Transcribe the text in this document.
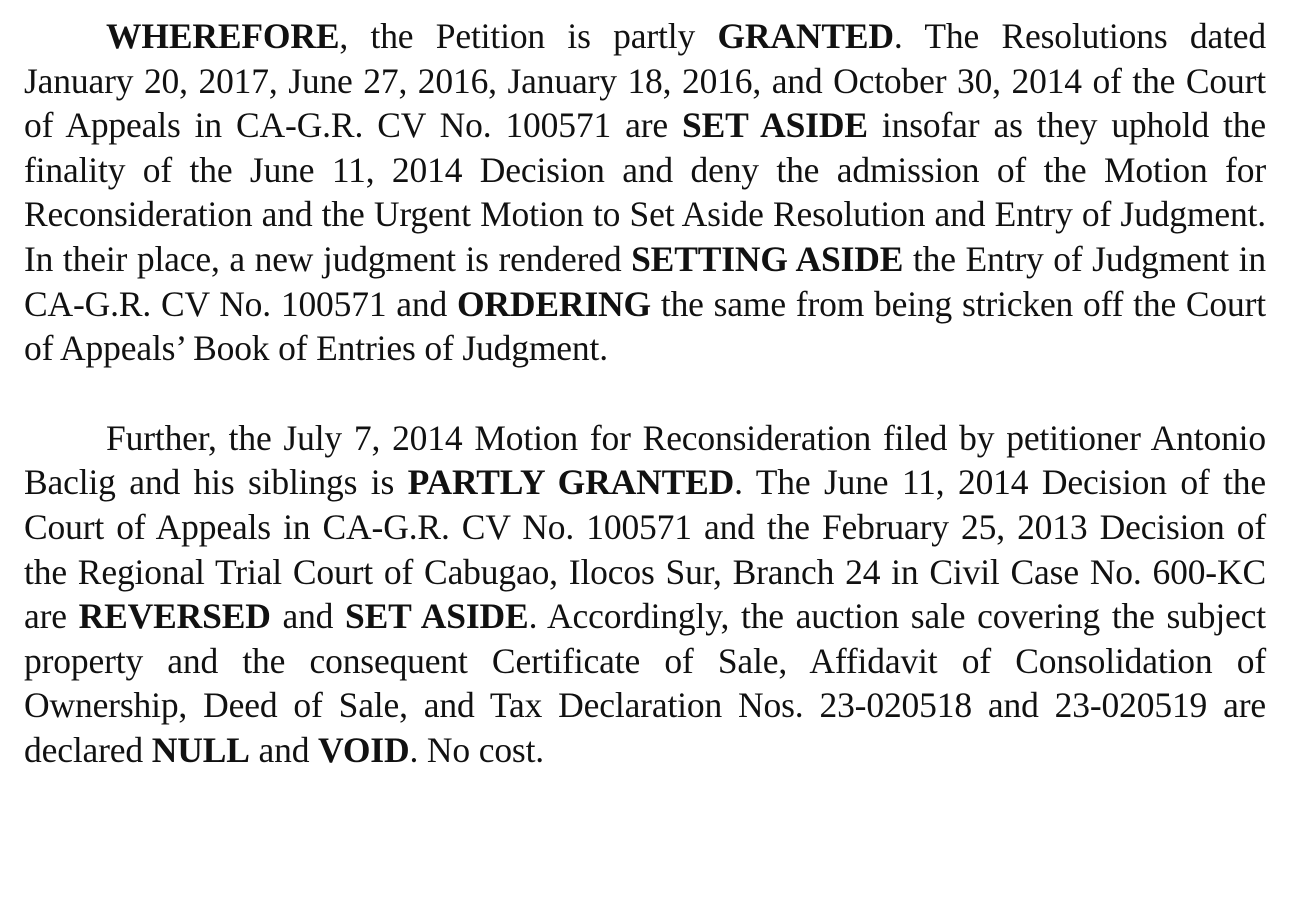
WHEREFORE, the Petition is partly GRANTED. The Resolutions dated January 20, 2017, June 27, 2016, January 18, 2016, and October 30, 2014 of the Court of Appeals in CA-G.R. CV No. 100571 are SET ASIDE insofar as they uphold the finality of the June 11, 2014 Decision and deny the admission of the Motion for Reconsideration and the Urgent Motion to Set Aside Resolution and Entry of Judgment. In their place, a new judgment is rendered SETTING ASIDE the Entry of Judgment in CA-G.R. CV No. 100571 and ORDERING the same from being stricken off the Court of Appeals’ Book of Entries of Judgment.

Further, the July 7, 2014 Motion for Reconsideration filed by petitioner Antonio Baclig and his siblings is PARTLY GRANTED. The June 11, 2014 Decision of the Court of Appeals in CA-G.R. CV No. 100571 and the February 25, 2013 Decision of the Regional Trial Court of Cabugao, Ilocos Sur, Branch 24 in Civil Case No. 600-KC are REVERSED and SET ASIDE. Accordingly, the auction sale covering the subject property and the consequent Certificate of Sale, Affidavit of Consolidation of Ownership, Deed of Sale, and Tax Declaration Nos. 23-020518 and 23-020519 are declared NULL and VOID. No cost.
